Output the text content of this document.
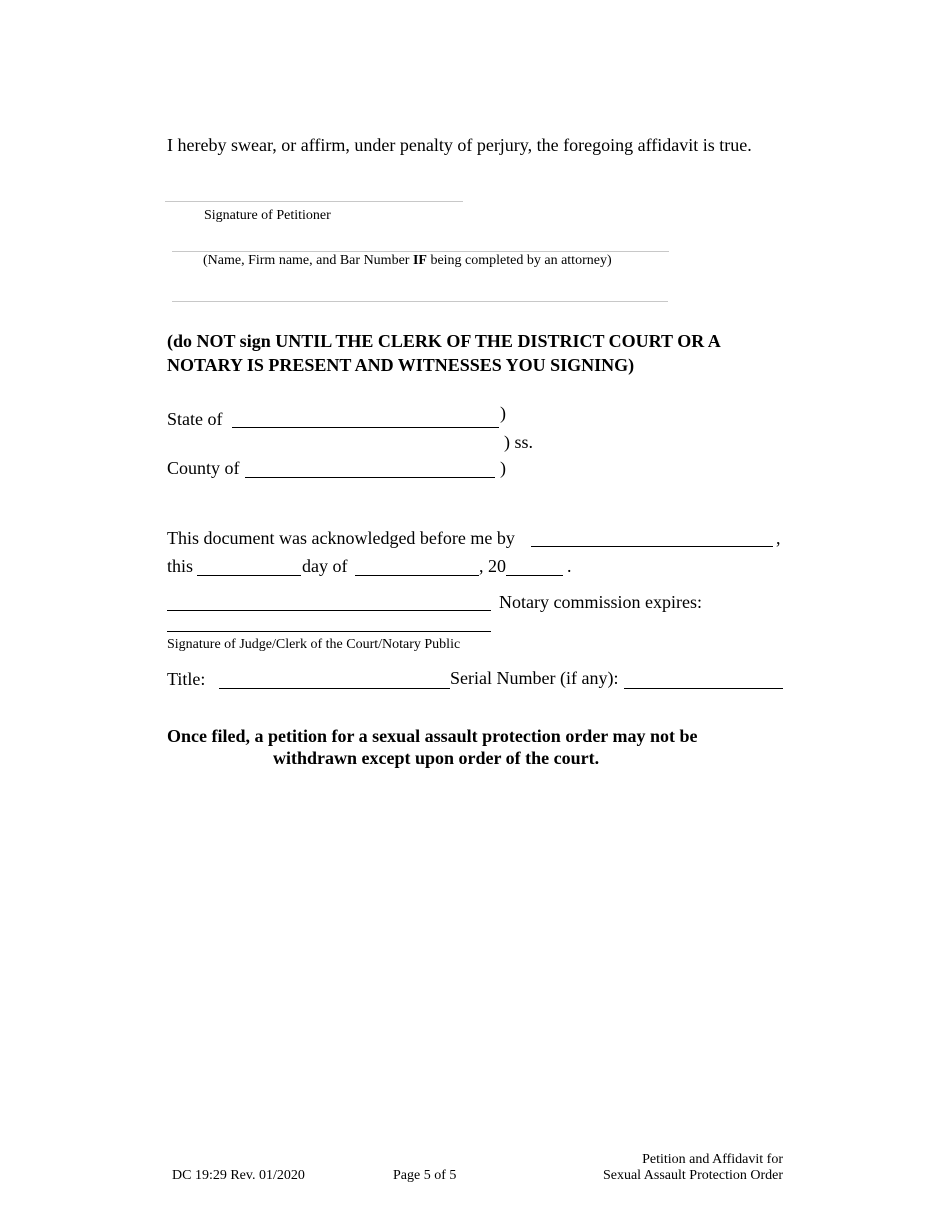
I hereby swear, or affirm, under penalty of perjury, the foregoing affidavit is true.
Signature of Petitioner
(Name, Firm name, and Bar Number IF being completed by an attorney)
(do NOT sign UNTIL THE CLERK OF THE DISTRICT COURT OR A
NOTARY IS PRESENT AND WITNESSES YOU SIGNING)
State of	)
) ss.
County of	)
This document was acknowledged before me by	,
this	day of	, 20	.
Notary commission expires:
Signature of Judge/Clerk of the Court/Notary Public
Title:	Serial Number (if any):
Once filed, a petition for a sexual assault protection order may not be
withdrawn except upon order of the court.
DC 19:29 Rev. 01/2020	Page 5 of 5
Petition and Affidavit for
Sexual Assault Protection Order
